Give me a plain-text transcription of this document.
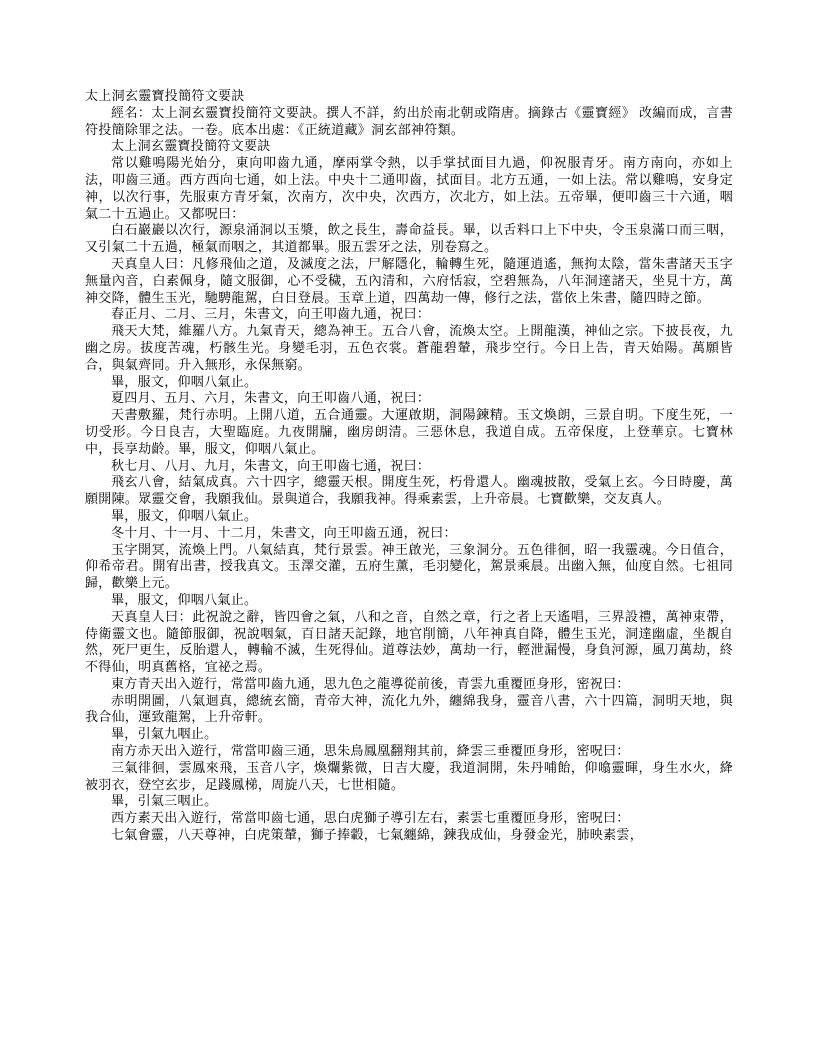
太上洞玄靈寶投簡符文要訣

經名：太上洞玄靈寶投簡符文要訣。撰人不詳，約出於南北朝或隋唐。摘錄古《靈寶經》 改編而成，言書符投簡除罪之法。一卷。底本出處：《正統道藏》洞玄部神符類。

太上洞玄靈寶投簡符文要訣

常以雞鳴陽光始分，東向叩齒九通，摩兩掌令熱，以手掌拭面目九過，仰祝服青牙。南方南向，亦如上法，叩齒三通。西方西向七通，如上法。中央十二通叩齒，拭面目。北方五通，一如上法。常以雞鳴，安身定神，以次行事，先服東方青牙氣，次南方，次中央，次西方，次北方，如上法。五帝畢，便叩齒三十六通，咽氣二十五過止。又都呪曰：

白石巖巖以次行，源泉涌洞以玉漿，飲之長生，壽命益長。畢，以舌料口上下中央，令玉泉滿口而三咽，又引氣二十五過，極氣而咽之，其道都畢。服五雲牙之法，別卷寫之。

天真皇人曰：凡修飛仙之道，及滅度之法，尸解隱化，輪轉生死，隨運逍遙，無拘太陰，當朱書諸天玉字無量內音，白素佩身，隨文服御，心不受穢，五內清和，六府恬寂，空碧無為，八年洞達諸天，坐見十方，萬神交降，體生玉光，馳騁龍駕，白日登晨。玉章上道，四萬劫一傳，修行之法，當依上朱書，隨四時之節。

春正月、二月、三月，朱書文，向王叩齒九通，祝曰：

飛天大梵，維羅八方。九氣青天，總為神王。五合八會，流煥太空。上開龍漢，神仙之宗。下披長夜，九幽之房。拔度苦魂，朽骸生光。身變毛羽，五色衣裳。蒼龍碧輦，飛步空行。今日上告，青天始陽。萬願皆合，與氣齊同。升入無形，永保無窮。

畢，服文，仰咽八氣止。

夏四月、五月、六月，朱書文，向王叩齒八通，祝曰：

天書敷羅，梵行赤明。上開八道，五合通靈。大運啟期，洞陽鍊精。玉文煥朗，三景自明。下度生死，一切受形。今日良吉，大聖臨庭。九夜開牖，幽房朗清。三惡休息，我道自成。五帝保度，上登華京。七寶林中，長享劫齡。畢，服文，仰咽八氣止。

秋七月、八月、九月，朱書文，向王叩齒七通，祝曰：

飛玄八會，結氣成真。六十四字，總靈天根。開度生死，朽骨還人。幽魂披散，受氣上玄。今日時慶，萬願開陳。眾靈交會，我願我仙。景與道合，我願我神。得乘素雲，上升帝晨。七寶歡樂，交友真人。

畢，服文，仰咽八氣止。

冬十月、十一月、十二月，朱書文，向王叩齒五通，祝曰：

玉字開冥，流煥上門。八氣結真，梵行景雲。神王啟光，三象洞分。五色徘徊，昭一我靈魂。今日值合，仰希帝君。開宥出書，授我真文。玉澤交灌，五府生薰，毛羽變化，駕景乘晨。出幽入無，仙度自然。七祖同歸，歡樂上元。

畢，服文，仰咽八氣止。

天真皇人曰：此祝說之辭，皆四會之氣，八和之音，自然之章，行之者上天遙唱，三界設禮，萬神束帶，侍衛靈文也。隨節服御，祝說咽氣，百日諸天記錄，地官削簡，八年神真自降，體生玉光，洞達幽虛，坐覩自然，死尸更生，反胎還人，轉輪不滅，生死得仙。道尊法妙，萬劫一行，輕泄漏慢，身負河源，風刀萬劫，終不得仙，明真舊格，宜祕之焉。

東方青天出入遊行，常當叩齒九通，思九色之龍導從前後，青雲九重覆匝身形，密祝曰：

赤明開圖，八氣迴真，總統玄簡，青帝大神，流化九外，纏綿我身，靈音八書，六十四篇，洞明天地，與我合仙，運致龍駕，上升帝軒。

畢，引氣九咽止。

南方赤天出入遊行，常當叩齒三通，思朱鳥鳳凰翻翔其前，絳雲三垂覆匝身形，密呪曰：

三氣徘徊，雲鳳來飛，玉音八字，煥爛紫微，日吉大慶，我道洞開，朱丹哺飴，仰噏靈暉，身生水火，絳被羽衣，登空玄步，足踐鳳梯，周旋八天，七世相隨。

畢，引氣三咽止。

西方素天出入遊行，常當叩齒七通，思白虎獅子導引左右，素雲七重覆匝身形，密呪曰：

七氣會靈，八天尊神，白虎策輦，獅子捧轂，七氣纏綿，鍊我成仙，身發金光，肺映素雲，
